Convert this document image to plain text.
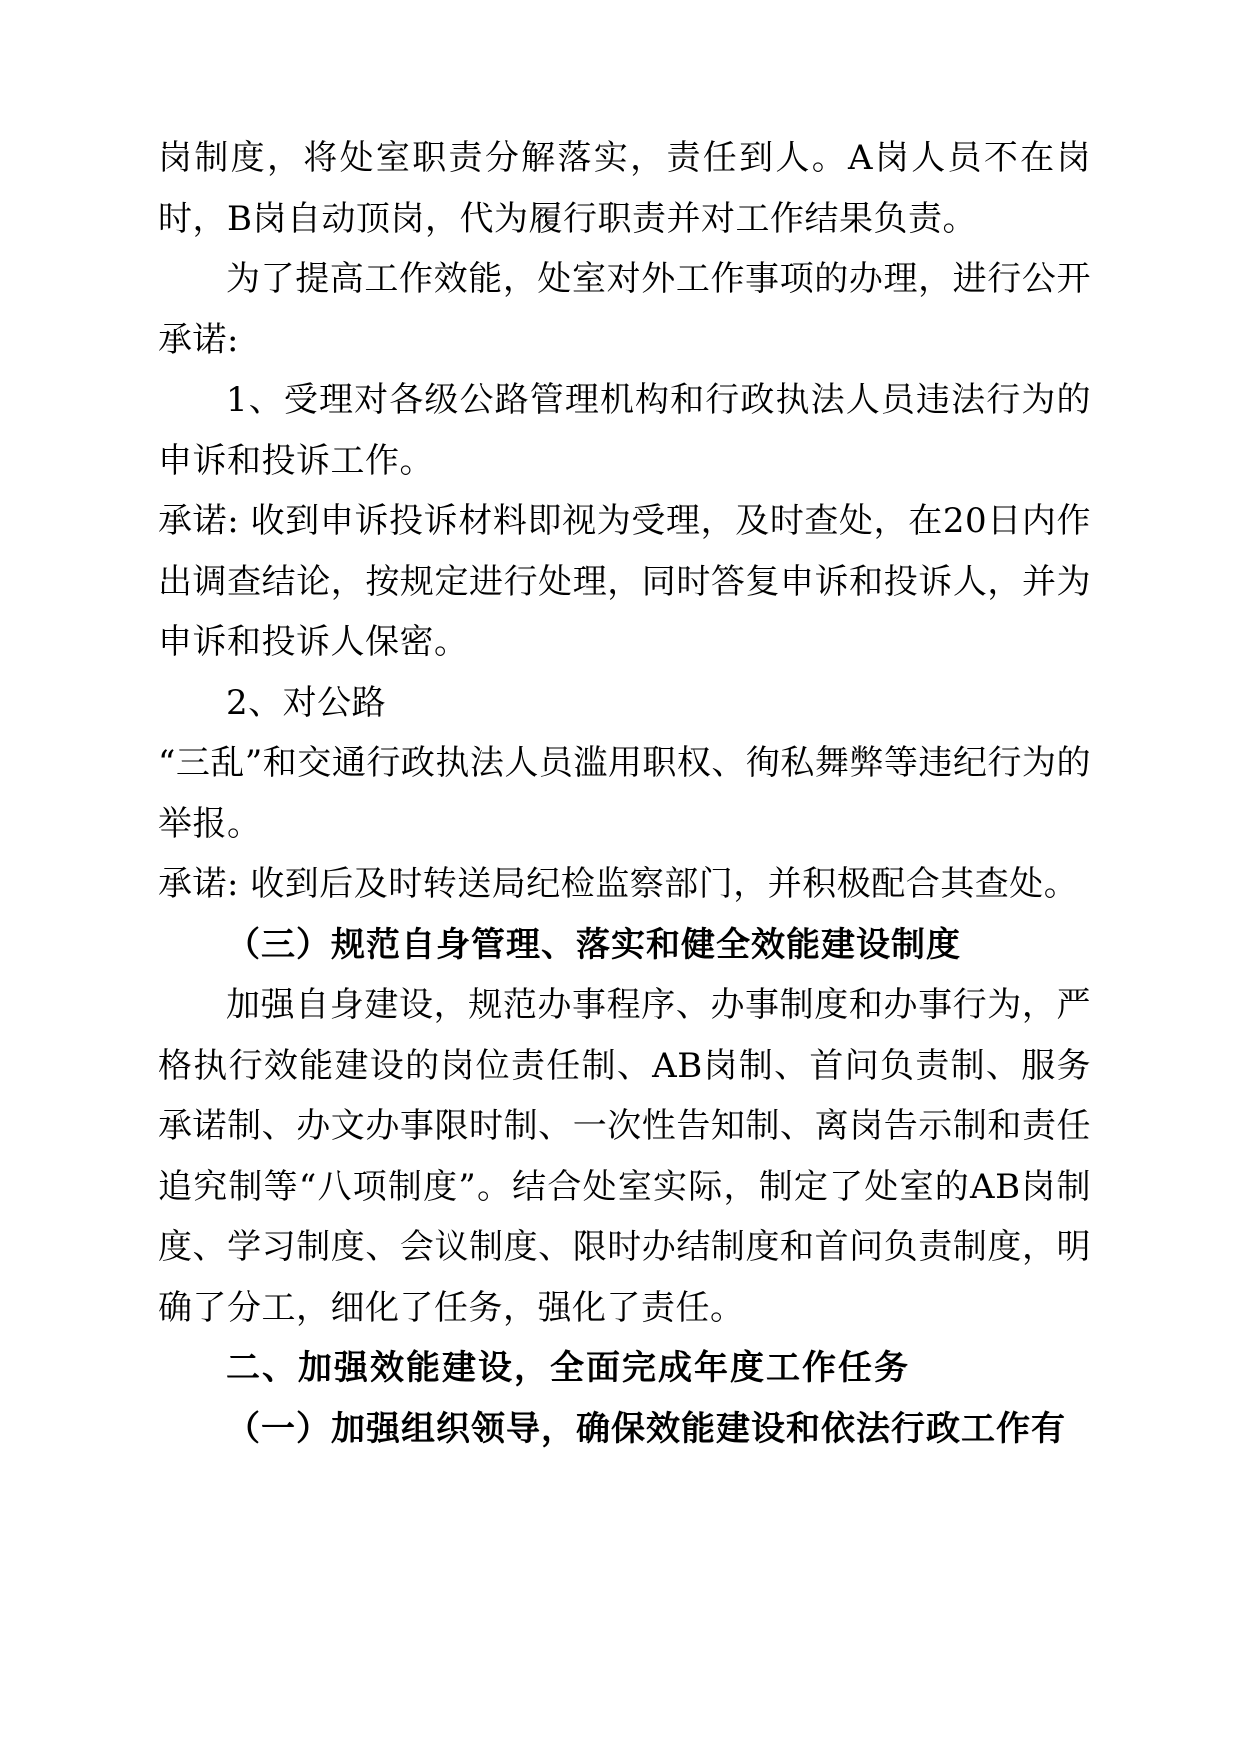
岗制度，将处室职责分解落实，责任到人。A岗人员不在岗时，B岗自动顶岗，代为履行职责并对工作结果负责。

为了提高工作效能，处室对外工作事项的办理，进行公开承诺:

1、受理对各级公路管理机构和行政执法人员违法行为的申诉和投诉工作。

承诺: 收到申诉投诉材料即视为受理，及时查处，在20日内作出调查结论，按规定进行处理，同时答复申诉和投诉人，并为申诉和投诉人保密。

2、对公路

“三乱”和交通行政执法人员滥用职权、徇私舞弊等违纪行为的举报。

承诺: 收到后及时转送局纪检监察部门，并积极配合其查处。

（三）规范自身管理、落实和健全效能建设制度

加强自身建设，规范办事程序、办事制度和办事行为，严格执行效能建设的岗位责任制、AB岗制、首问负责制、服务承诺制、办文办事限时制、一次性告知制、离岗告示制和责任追究制等“八项制度”。结合处室实际，制定了处室的AB岗制度、学习制度、会议制度、限时办结制度和首问负责制度，明确了分工，细化了任务，强化了责任。

二、加强效能建设，全面完成年度工作任务

（一）加强组织领导，确保效能建设和依法行政工作有
